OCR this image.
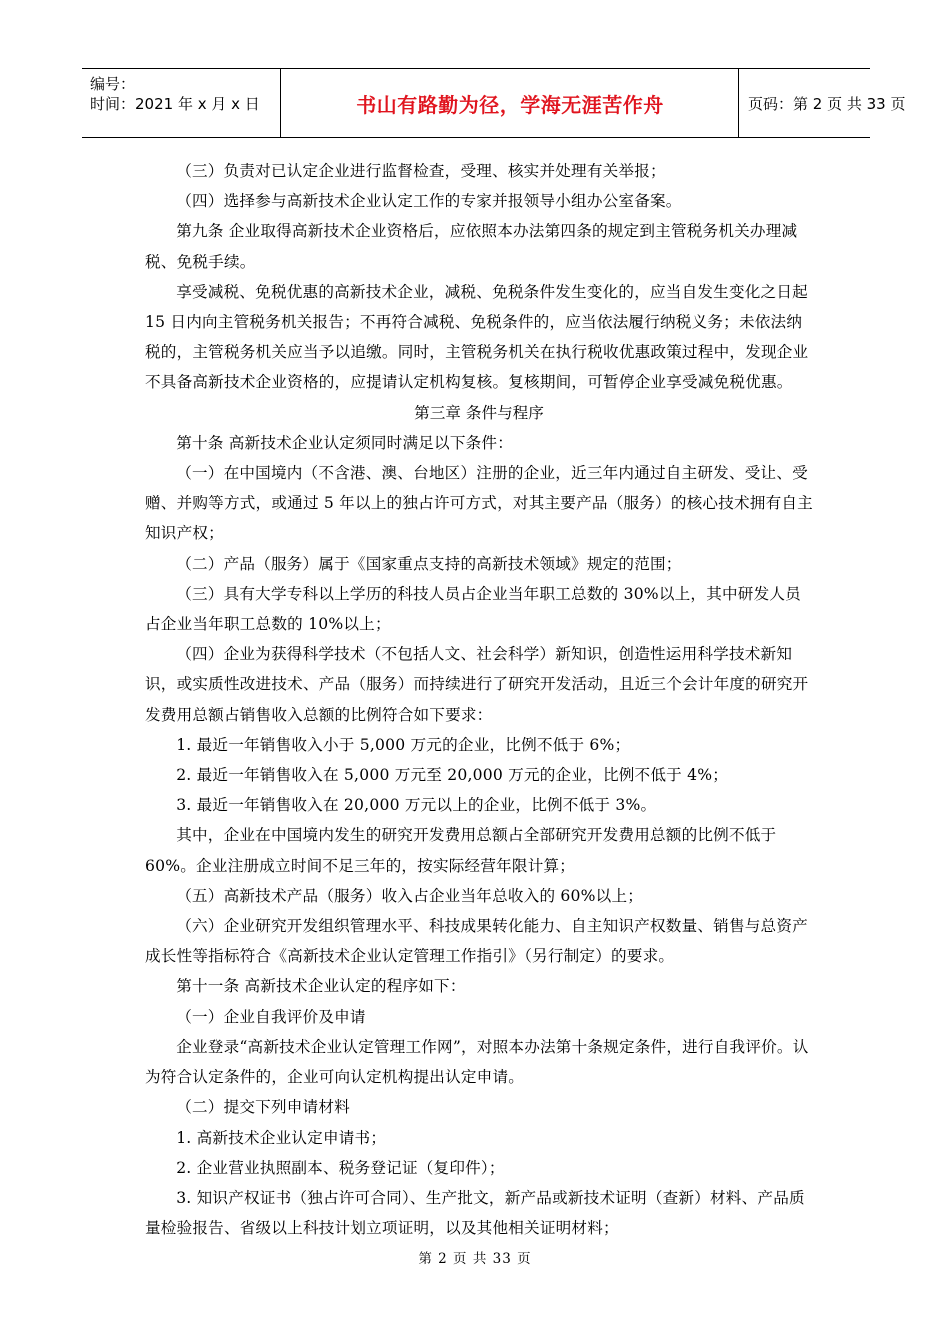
编号：
时间：2021 年 x 月 x 日	书山有路勤为径，学海无涯苦作舟	页码：第 2 页 共 33 页

（三）负责对已认定企业进行监督检查，受理、核实并处理有关举报；

（四）选择参与高新技术企业认定工作的专家并报领导小组办公室备案。

第九条 企业取得高新技术企业资格后，应依照本办法第四条的规定到主管税务机关办理减税、免税手续。

享受减税、免税优惠的高新技术企业，减税、免税条件发生变化的，应当自发生变化之日起 15 日内向主管税务机关报告；不再符合减税、免税条件的，应当依法履行纳税义务；未依法纳税的，主管税务机关应当予以追缴。同时，主管税务机关在执行税收优惠政策过程中，发现企业不具备高新技术企业资格的，应提请认定机构复核。复核期间，可暂停企业享受减免税优惠。

第三章 条件与程序

第十条 高新技术企业认定须同时满足以下条件：

（一）在中国境内（不含港、澳、台地区）注册的企业，近三年内通过自主研发、受让、受赠、并购等方式，或通过 5 年以上的独占许可方式，对其主要产品（服务）的核心技术拥有自主知识产权；

（二）产品（服务）属于《国家重点支持的高新技术领域》规定的范围；

（三）具有大学专科以上学历的科技人员占企业当年职工总数的 30%以上，其中研发人员占企业当年职工总数的 10%以上；

（四）企业为获得科学技术（不包括人文、社会科学）新知识，创造性运用科学技术新知识，或实质性改进技术、产品（服务）而持续进行了研究开发活动，且近三个会计年度的研究开发费用总额占销售收入总额的比例符合如下要求：

1. 最近一年销售收入小于 5,000 万元的企业，比例不低于 6%；

2. 最近一年销售收入在 5,000 万元至 20,000 万元的企业，比例不低于 4%；

3. 最近一年销售收入在 20,000 万元以上的企业，比例不低于 3%。

其中，企业在中国境内发生的研究开发费用总额占全部研究开发费用总额的比例不低于 60%。企业注册成立时间不足三年的，按实际经营年限计算；

（五）高新技术产品（服务）收入占企业当年总收入的 60%以上；

（六）企业研究开发组织管理水平、科技成果转化能力、自主知识产权数量、销售与总资产成长性等指标符合《高新技术企业认定管理工作指引》（另行制定）的要求。

第十一条 高新技术企业认定的程序如下：

（一）企业自我评价及申请

企业登录“高新技术企业认定管理工作网”，对照本办法第十条规定条件，进行自我评价。认为符合认定条件的，企业可向认定机构提出认定申请。

（二）提交下列申请材料

1. 高新技术企业认定申请书；

2. 企业营业执照副本、税务登记证（复印件）；

3. 知识产权证书（独占许可合同）、生产批文，新产品或新技术证明（查新）材料、产品质量检验报告、省级以上科技计划立项证明，以及其他相关证明材料；

第 2 页 共 33 页
